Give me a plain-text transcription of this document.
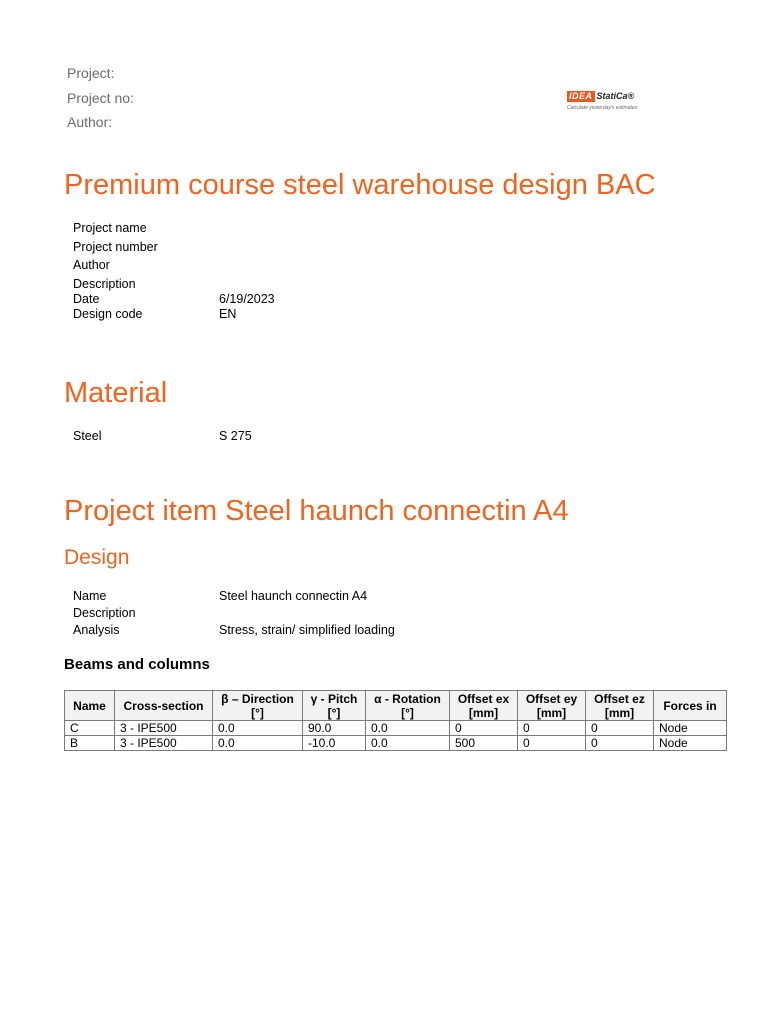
Project:
Project no:
Author:
IDEA StatiCa®
Calculate yesterday's estimates
Premium course steel warehouse design BAC
Project name
Project number
Author
Description
Date	6/19/2023
Design code	EN
Material
Steel	S 275
Project item Steel haunch connectin A4
Design
Name	Steel haunch connectin A4
Description
Analysis	Stress, strain/ simplified loading
Beams and columns
Name	Cross-section	β – Direction [°]	γ - Pitch [°]	α - Rotation [°]	Offset ex [mm]	Offset ey [mm]	Offset ez [mm]	Forces in
C	3 - IPE500	0.0	90.0	0.0	0	0	0	Node
B	3 - IPE500	0.0	-10.0	0.0	500	0	0	Node
